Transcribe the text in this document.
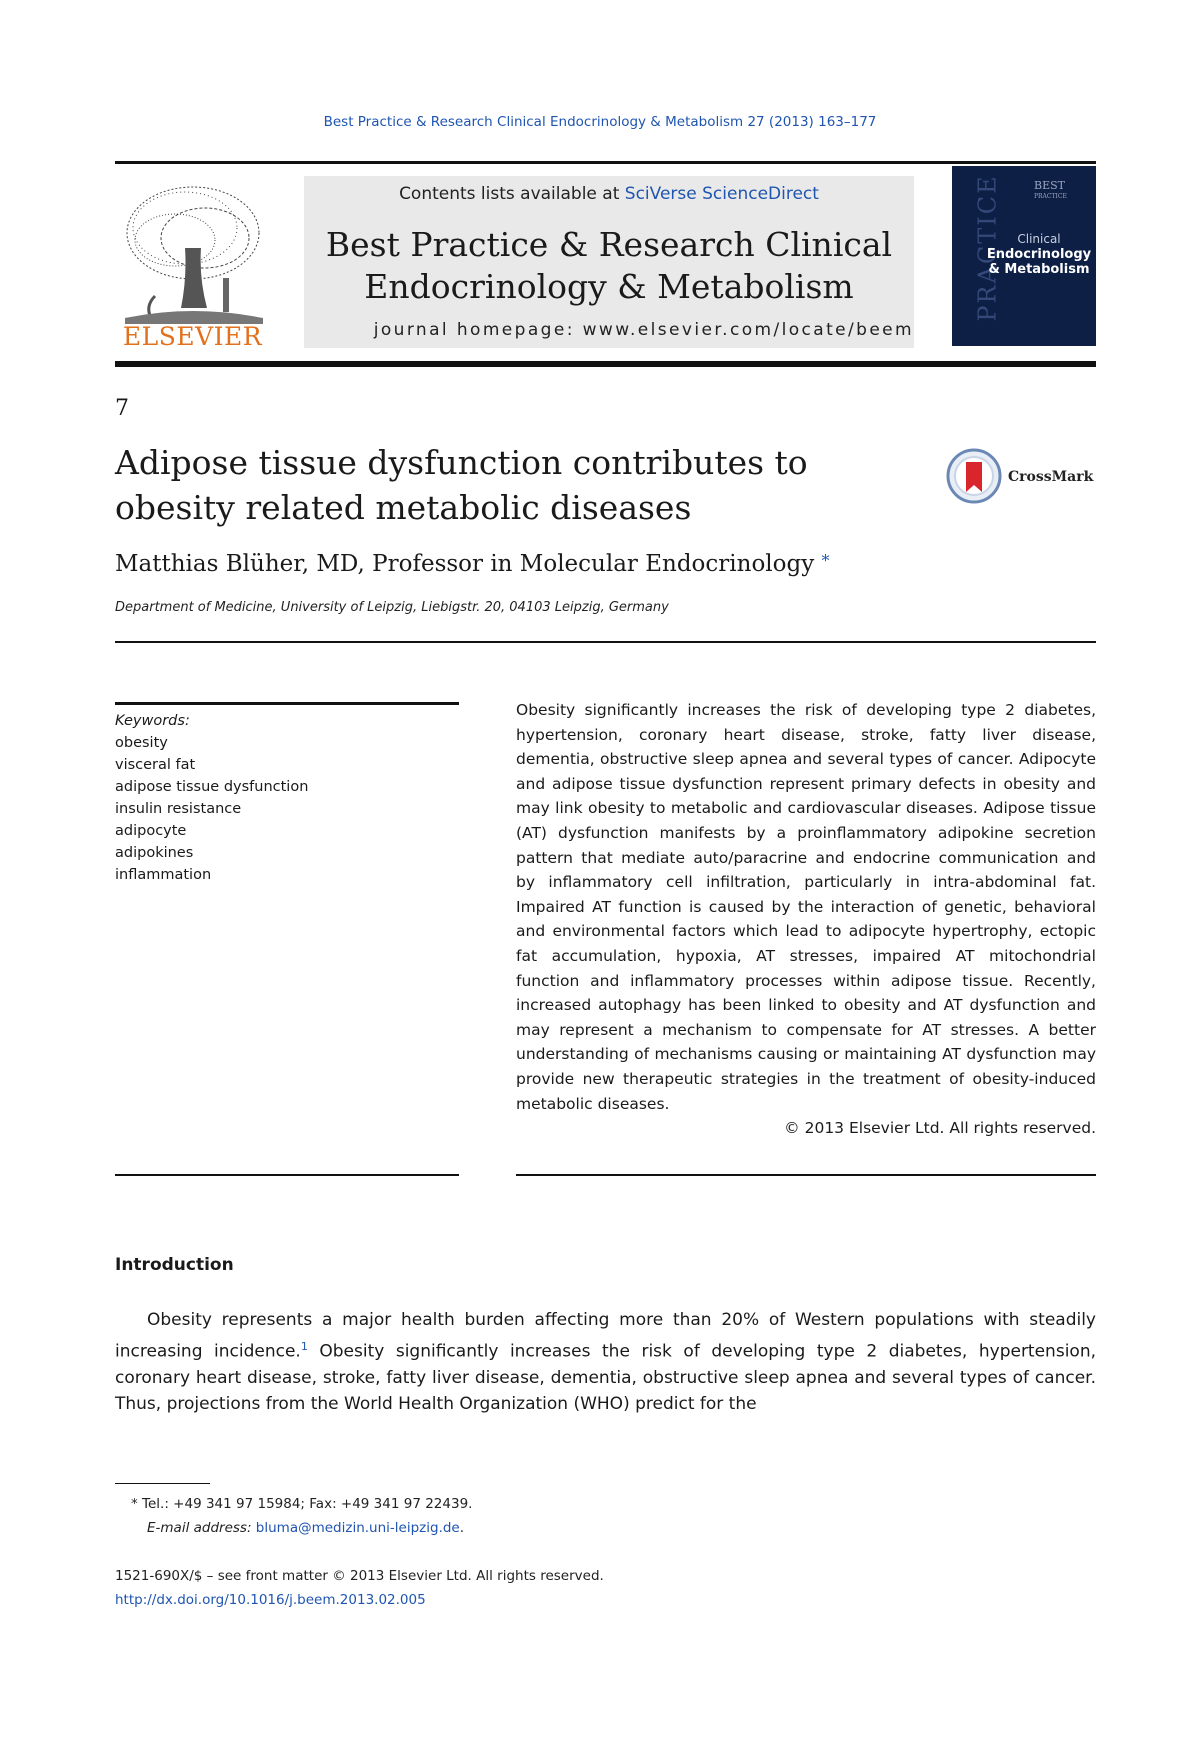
Best Practice & Research Clinical Endocrinology & Metabolism 27 (2013) 163–177
ELSEVIER
Contents lists available at SciVerse ScienceDirect
Best Practice & Research Clinical
Endocrinology & Metabolism
journal homepage: www.elsevier.com/locate/beem
BEST
PRACTICE
PRACTICE	Clinical
Endocrinology
& Metabolism
7
Adipose tissue dysfunction contributes to
obesity related metabolic diseases
CrossMark
Matthias Blüher, MD, Professor in Molecular Endocrinology *
Department of Medicine, University of Leipzig, Liebigstr. 20, 04103 Leipzig, Germany
Keywords:
obesity
visceral fat
adipose tissue dysfunction
insulin resistance
adipocyte
adipokines
inflammation
Obesity significantly increases the risk of developing type 2 diabetes, hypertension, coronary heart disease, stroke, fatty liver disease, dementia, obstructive sleep apnea and several types of cancer. Adipocyte and adipose tissue dysfunction represent primary defects in obesity and may link obesity to metabolic and cardiovascular diseases. Adipose tissue (AT) dysfunction manifests by a proinflammatory adipokine secretion pattern that mediate auto/paracrine and endocrine communication and by inflammatory cell infiltration, particularly in intra-abdominal fat. Impaired AT function is caused by the interaction of genetic, behavioral and environmental factors which lead to adipocyte hypertrophy, ectopic fat accumulation, hypoxia, AT stresses, impaired AT mitochondrial function and inflammatory processes within adipose tissue. Recently, increased autophagy has been linked to obesity and AT dysfunction and may represent a mechanism to compensate for AT stresses. A better understanding of mechanisms causing or maintaining AT dysfunction may provide new therapeutic strategies in the treatment of obesity-induced metabolic diseases.
© 2013 Elsevier Ltd. All rights reserved.
Introduction
Obesity represents a major health burden affecting more than 20% of Western populations with steadily increasing incidence.$^1$ Obesity significantly increases the risk of developing type 2 diabetes, hypertension, coronary heart disease, stroke, fatty liver disease, dementia, obstructive sleep apnea and several types of cancer. Thus, projections from the World Health Organization (WHO) predict for the
* Tel.: +49 341 97 15984; Fax: +49 341 97 22439.
E-mail address: bluma@medizin.uni-leipzig.de.
1521-690X/$ – see front matter © 2013 Elsevier Ltd. All rights reserved.
http://dx.doi.org/10.1016/j.beem.2013.02.005
